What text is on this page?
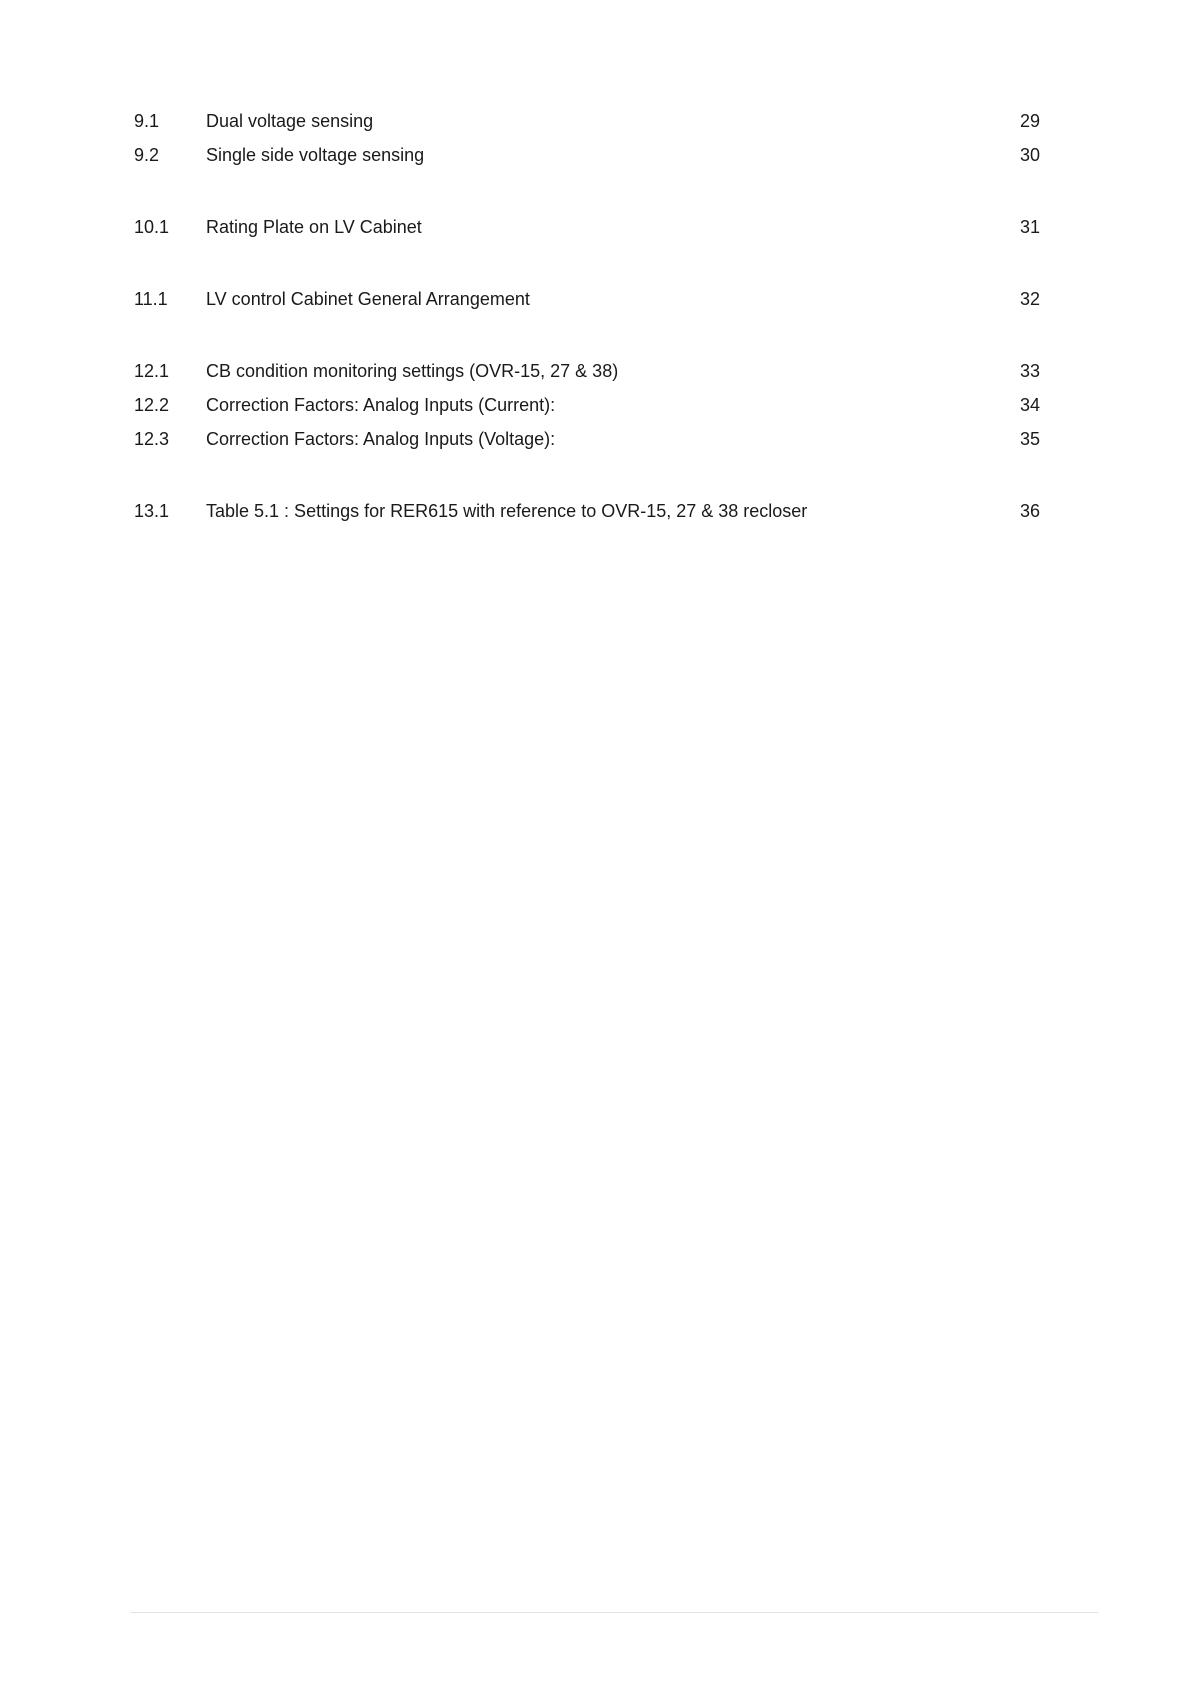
9.1	Dual voltage sensing . . .	29
9.2	Single side voltage sensing . . .	30
10.1	Rating Plate on LV Cabinet . . .	31
11.1	LV control Cabinet General Arrangement . . .	32
12.1	CB condition monitoring settings (OVR-15, 27 & 38) . . .	33
12.2	Correction Factors: Analog Inputs (Current): . . .	34
12.3	Correction Factors: Analog Inputs (Voltage): . . .	35
13.1	Table 5.1 : Settings for RER615 with reference to OVR-15, 27 & 38 recloser . . .	36
